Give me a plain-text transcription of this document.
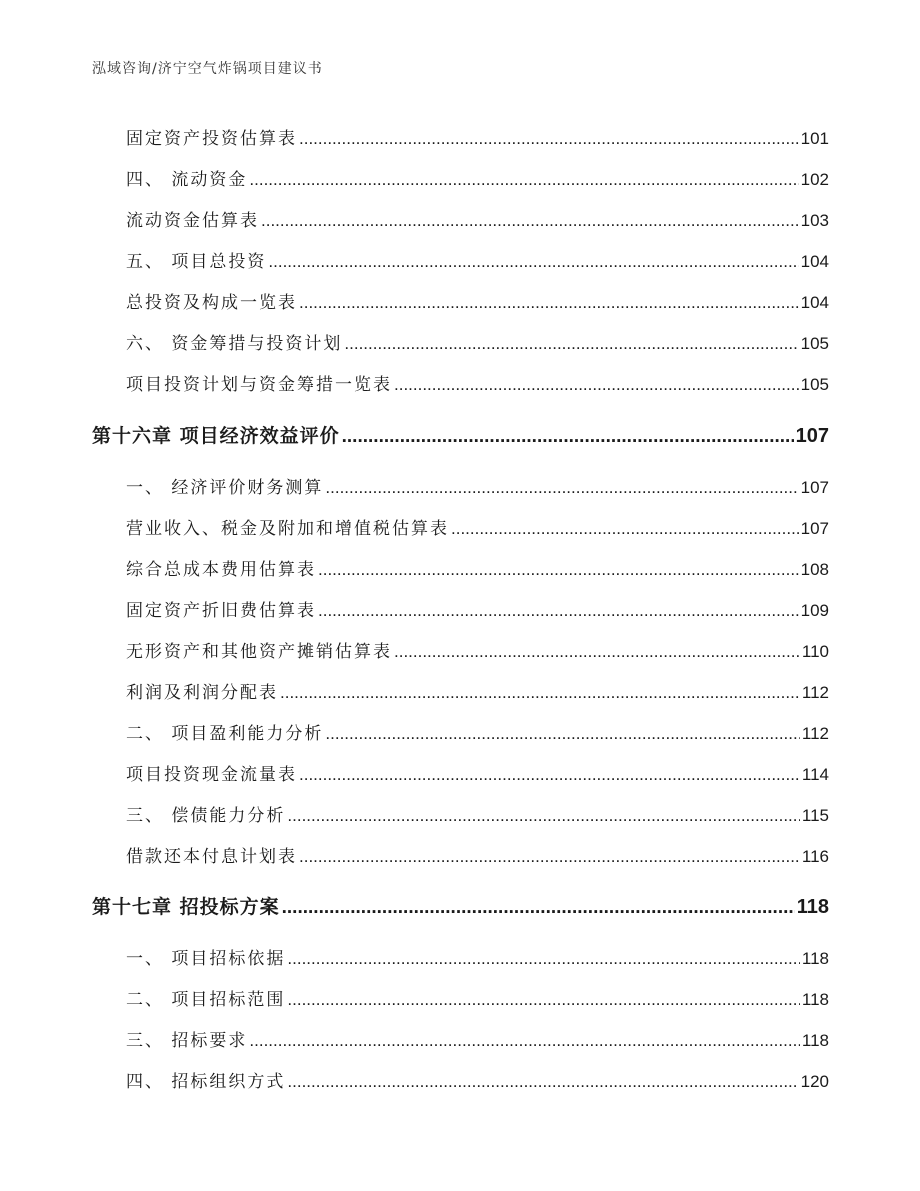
泓域咨询/济宁空气炸锅项目建议书
固定资产投资估算表 .....	101
四、 流动资金 .....	102
流动资金估算表 .....	103
五、 项目总投资 .....	104
总投资及构成一览表 .....	104
六、 资金筹措与投资计划 .....	105
项目投资计划与资金筹措一览表 .....	105
第十六章 项目经济效益评价 .....	107
一、 经济评价财务测算 .....	107
营业收入、税金及附加和增值税估算表 .....	107
综合总成本费用估算表 .....	108
固定资产折旧费估算表 .....	109
无形资产和其他资产摊销估算表 .....	110
利润及利润分配表 .....	112
二、 项目盈利能力分析 .....	112
项目投资现金流量表 .....	114
三、 偿债能力分析 .....	115
借款还本付息计划表 .....	116
第十七章 招投标方案 .....	118
一、 项目招标依据 .....	118
二、 项目招标范围 .....	118
三、 招标要求 .....	118
四、 招标组织方式 .....	120
